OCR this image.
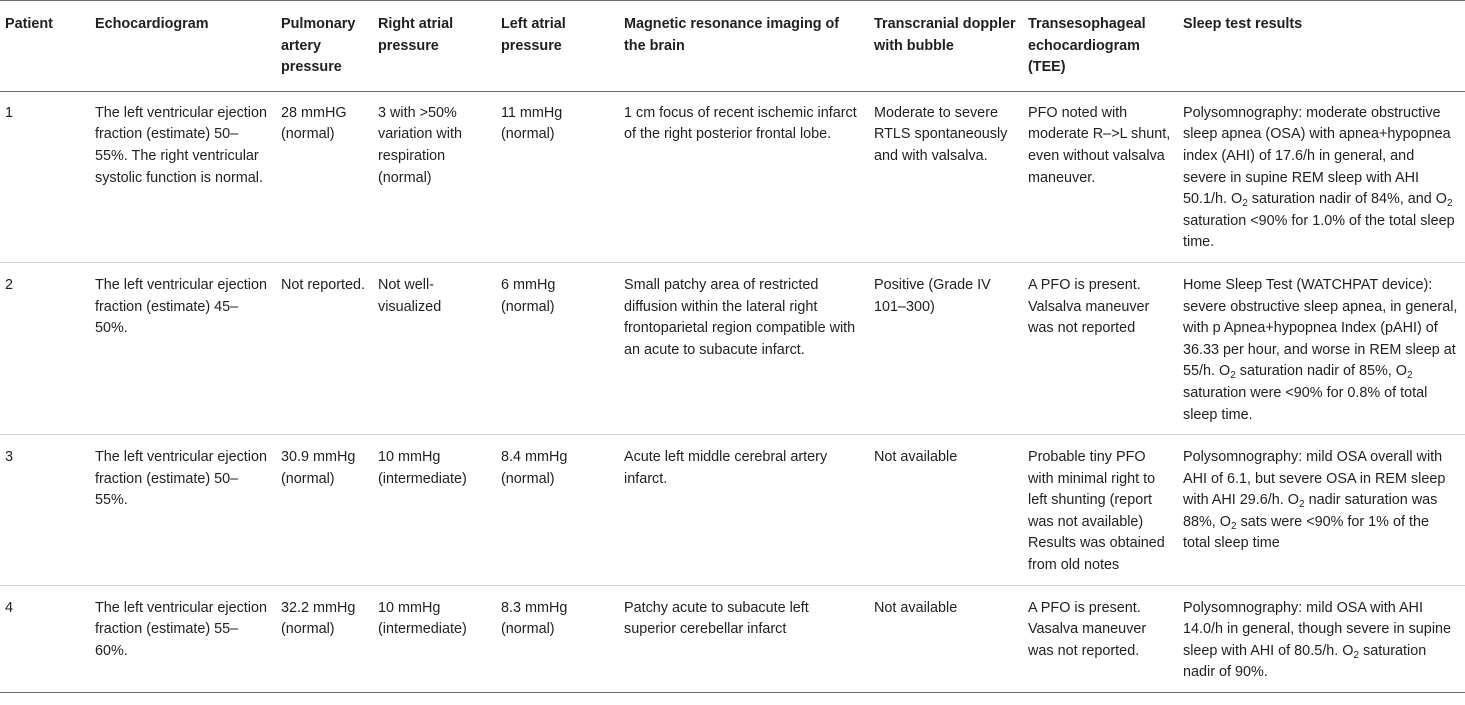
Patient	Echocardiogram	Pulmonary artery pressure	Right atrial pressure	Left atrial pressure	Magnetic resonance imaging of the brain	Transcranial doppler with bubble	Transesophageal echocardiogram (TEE)	Sleep test results
1	The left ventricular ejection fraction (estimate) 50–55%. The right ventricular systolic function is normal.	28 mmHG (normal)	3 with >50% variation with respiration (normal)	11 mmHg (normal)	1 cm focus of recent ischemic infarct of the right posterior frontal lobe.	Moderate to severe RTLS spontaneously and with valsalva.	PFO noted with moderate R–>L shunt, even without valsalva maneuver.	Polysomnography: moderate obstructive sleep apnea (OSA) with apnea+hypopnea index (AHI) of 17.6/h in general, and severe in supine REM sleep with AHI 50.1/h. $O_2$ saturation nadir of 84%, and $O_2$ saturation <90% for 1.0% of the total sleep time.
2	The left ventricular ejection fraction (estimate) 45–50%.	Not reported.	Not well-visualized	6 mmHg (normal)	Small patchy area of restricted diffusion within the lateral right frontoparietal region compatible with an acute to subacute infarct.	Positive (Grade IV 101–300)	A PFO is present. Valsalva maneuver was not reported	Home Sleep Test (WATCHPAT device): severe obstructive sleep apnea, in general, with p Apnea+hypopnea Index (pAHI) of 36.33 per hour, and worse in REM sleep at 55/h. $O_2$ saturation nadir of 85%, $O_2$ saturation were <90% for 0.8% of total sleep time.
3	The left ventricular ejection fraction (estimate) 50–55%.	30.9 mmHg (normal)	10 mmHg (intermediate)	8.4 mmHg (normal)	Acute left middle cerebral artery infarct.	Not available	Probable tiny PFO with minimal right to left shunting (report was not available) Results was obtained from old notes	Polysomnography: mild OSA overall with AHI of 6.1, but severe OSA in REM sleep with AHI 29.6/h. $O_2$ nadir saturation was 88%, $O_2$ sats were <90% for 1% of the total sleep time
4	The left ventricular ejection fraction (estimate) 55–60%.	32.2 mmHg (normal)	10 mmHg (intermediate)	8.3 mmHg (normal)	Patchy acute to subacute left superior cerebellar infarct	Not available	A PFO is present. Vasalva maneuver was not reported.	Polysomnography: mild OSA with AHI 14.0/h in general, though severe in supine sleep with AHI of 80.5/h. $O_2$ saturation nadir of 90%.
